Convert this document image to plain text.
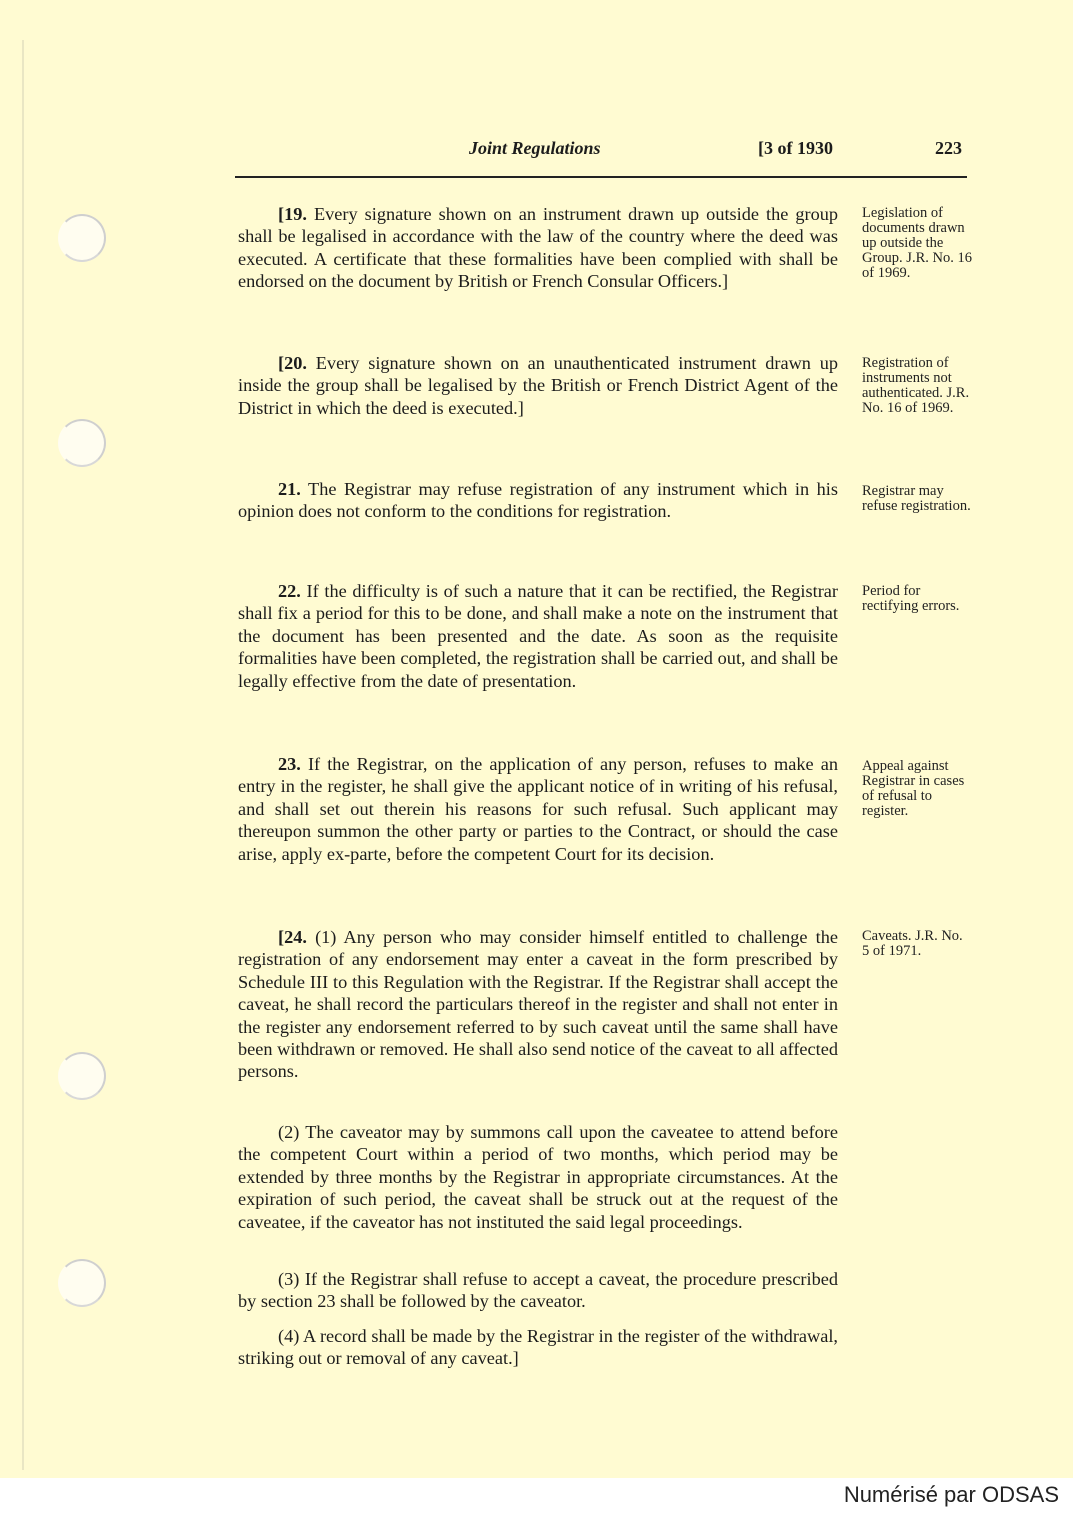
Joint Regulations	[3 of 1930	223
[19. Every signature shown on an instrument drawn up outside the group shall be legalised in accordance with the law of the country where the deed was executed. A certificate that these formalities have been complied with shall be endorsed on the document by British or French Consular Officers.]
Legislation of documents drawn up outside the Group. J.R. No. 16 of 1969.
[20. Every signature shown on an unauthenticated instrument drawn up inside the group shall be legalised by the British or French District Agent of the District in which the deed is executed.]
Registration of instruments not authenticated. J.R. No. 16 of 1969.
21. The Registrar may refuse registration of any instrument which in his opinion does not conform to the conditions for registration.
Registrar may refuse registration.
22. If the difficulty is of such a nature that it can be rectified, the Registrar shall fix a period for this to be done, and shall make a note on the instrument that the document has been presented and the date. As soon as the requisite formalities have been completed, the registration shall be carried out, and shall be legally effective from the date of presentation.
Period for rectifying errors.
23. If the Registrar, on the application of any person, refuses to make an entry in the register, he shall give the applicant notice of in writing of his refusal, and shall set out therein his reasons for such refusal. Such applicant may thereupon summon the other party or parties to the Contract, or should the case arise, apply ex-parte, before the competent Court for its decision.
Appeal against Registrar in cases of refusal to register.
[24. (1) Any person who may consider himself entitled to challenge the registration of any endorsement may enter a caveat in the form prescribed by Schedule III to this Regulation with the Registrar. If the Registrar shall accept the caveat, he shall record the particulars thereof in the register and shall not enter in the register any endorsement referred to by such caveat until the same shall have been withdrawn or removed. He shall also send notice of the caveat to all affected persons.
Caveats. J.R. No. 5 of 1971.
(2) The caveator may by summons call upon the caveatee to attend before the competent Court within a period of two months, which period may be extended by three months by the Registrar in appropriate circumstances. At the expiration of such period, the caveat shall be struck out at the request of the caveatee, if the caveator has not instituted the said legal proceedings.
(3) If the Registrar shall refuse to accept a caveat, the procedure prescribed by section 23 shall be followed by the caveator.
(4) A record shall be made by the Registrar in the register of the withdrawal, striking out or removal of any caveat.]
Numérisé par ODSAS
